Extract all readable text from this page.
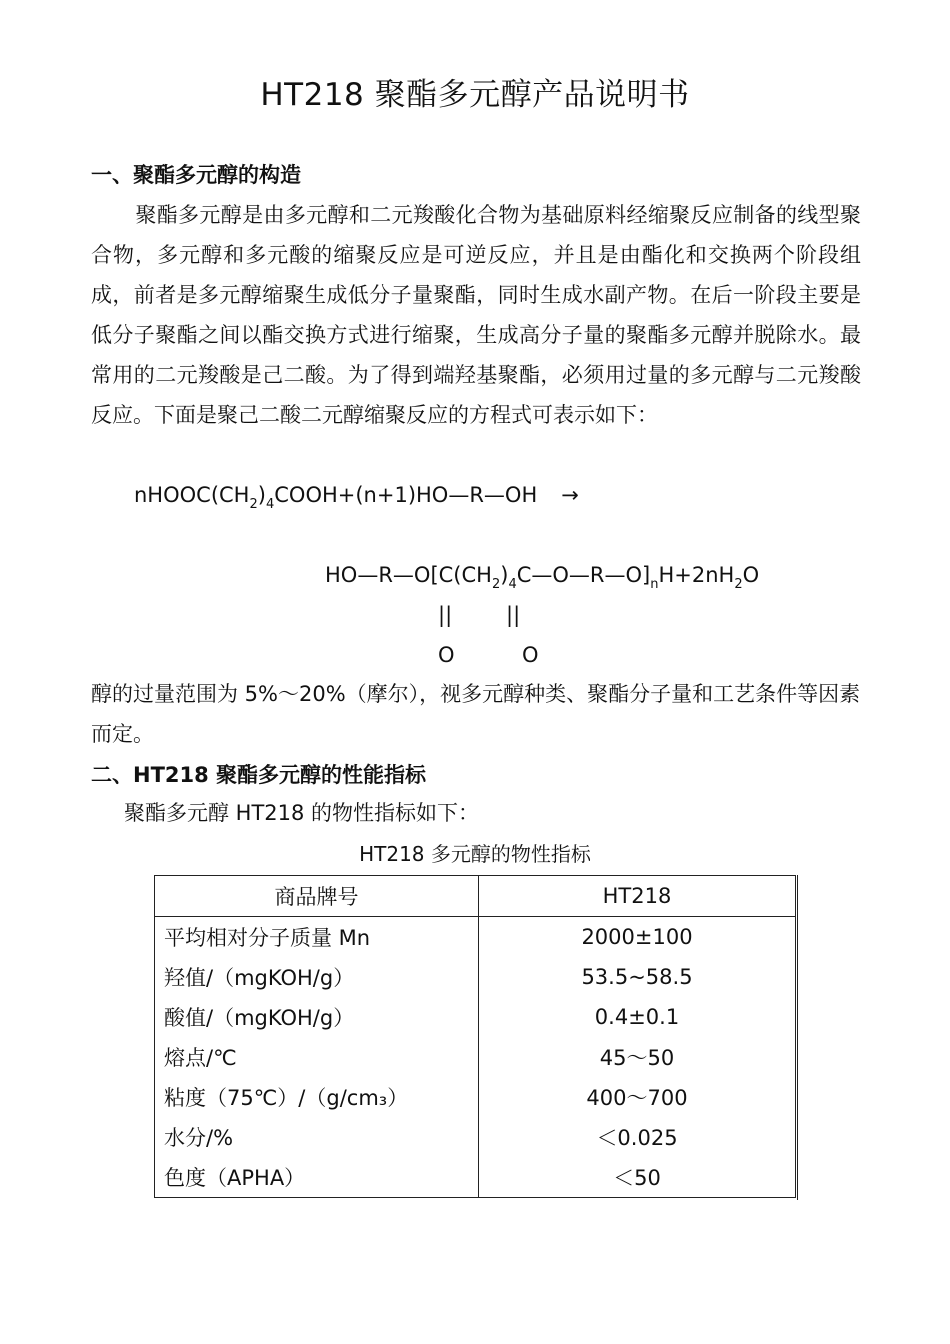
HT218 聚酯多元醇产品说明书
一、聚酯多元醇的构造
聚酯多元醇是由多元醇和二元羧酸化合物为基础原料经缩聚反应制备的线型聚合物，多元醇和多元酸的缩聚反应是可逆反应，并且是由酯化和交换两个阶段组成，前者是多元醇缩聚生成低分子量聚酯，同时生成水副产物。在后一阶段主要是低分子聚酯之间以酯交换方式进行缩聚，生成高分子量的聚酯多元醇并脱除水。最常用的二元羧酸是己二酸。为了得到端羟基聚酯，必须用过量的多元醇与二元羧酸反应。下面是聚己二酸二元醇缩聚反应的方程式可表示如下：
$nHOOC(CH_2)_4COOH+(n+1)HO—R—OH$ →
$HO—R—O[C(CH_2)_4C—O—R—O]_nH+2nH_2O$
||	||
O	O
醇的过量范围为 5%～20%（摩尔），视多元醇种类、聚酯分子量和工艺条件等因素而定。
二、HT218 聚酯多元醇的性能指标
聚酯多元醇 HT218 的物性指标如下：
HT218 多元醇的物性指标
商品牌号	HT218
平均相对分子质量 Mn	2000±100
羟值/（mgKOH/g）	53.5~58.5
酸值/（mgKOH/g）	0.4±0.1
熔点/℃	45～50
粘度（75℃）/（g/cm₃）	400～700
水分/%	＜0.025
色度（APHA）	＜50
